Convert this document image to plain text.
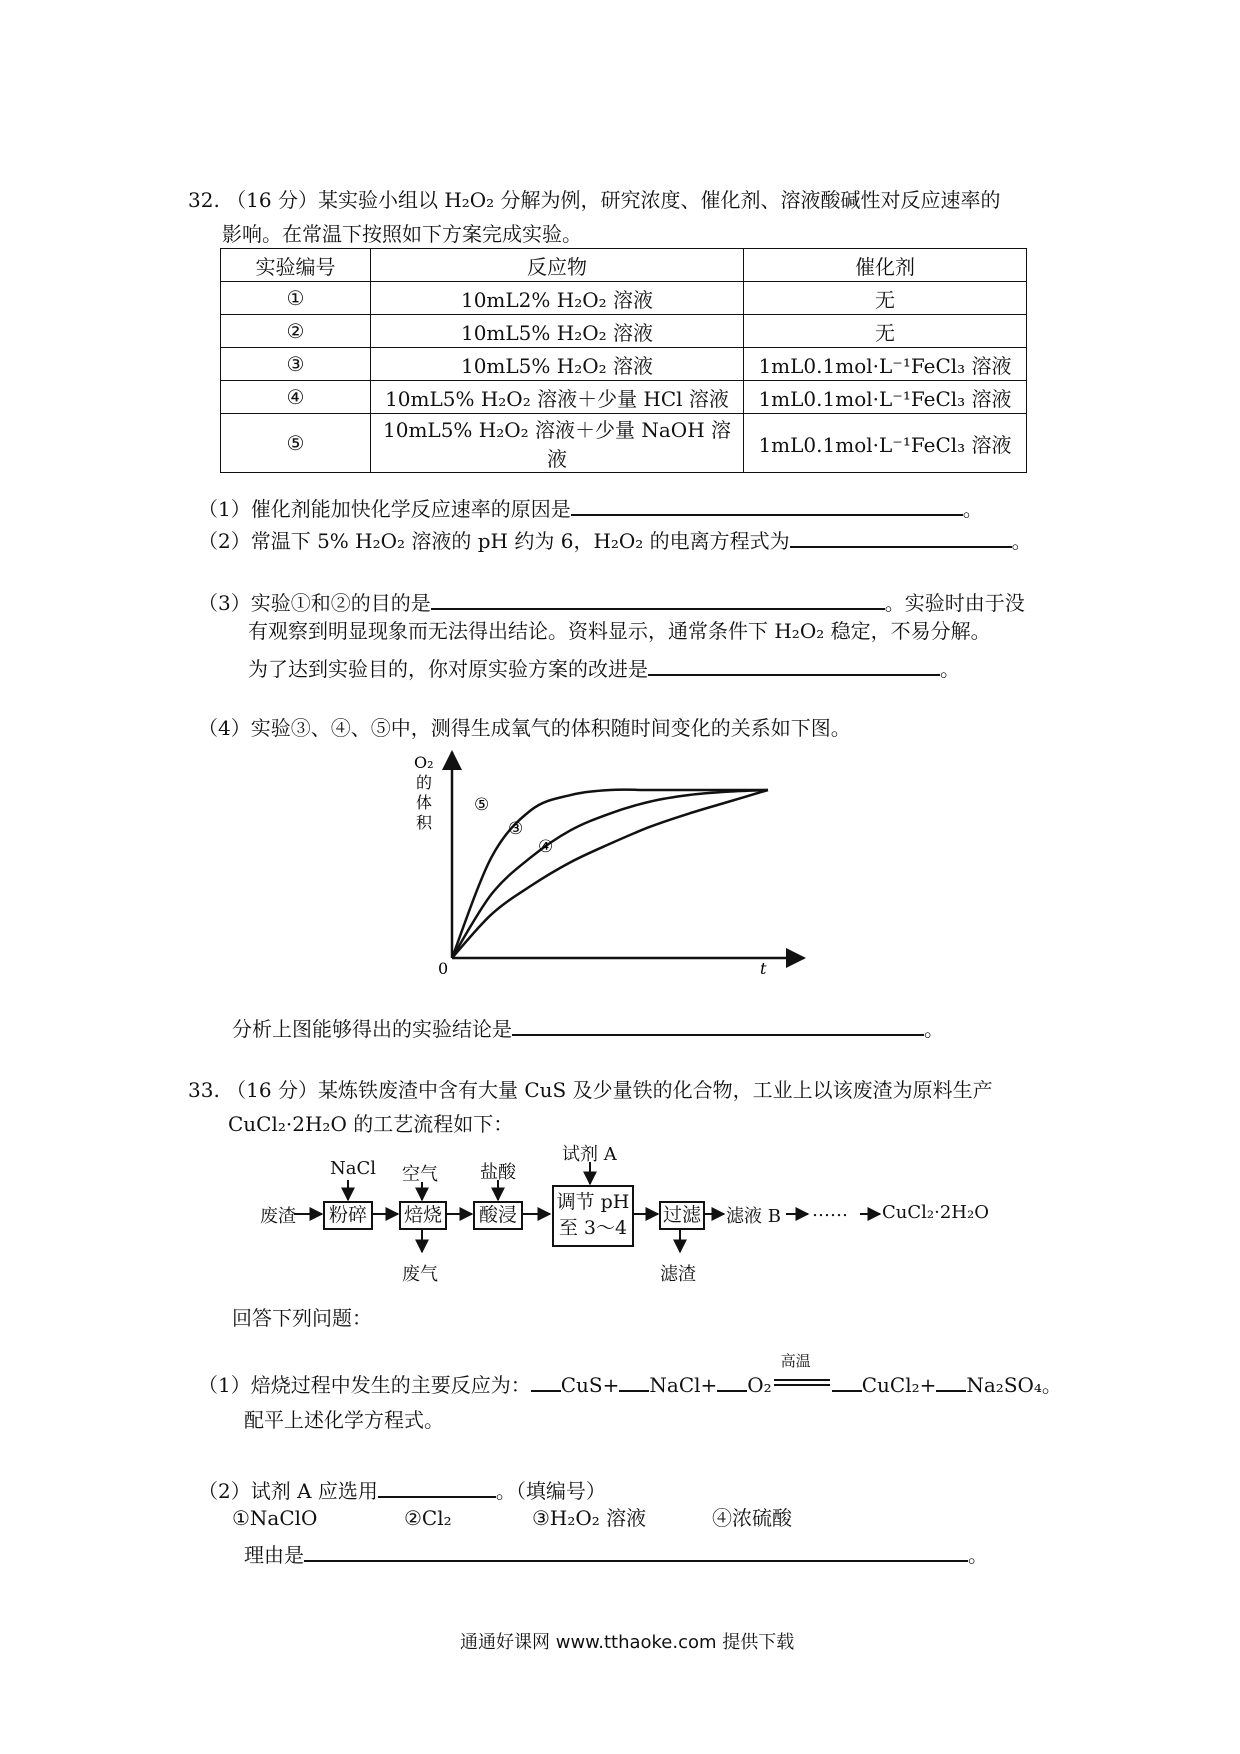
32. （16 分）某实验小组以 H₂O₂ 分解为例，研究浓度、催化剂、溶液酸碱性对反应速率的
影响。在常温下按照如下方案完成实验。
实验编号	反应物	催化剂
①	10mL2% H₂O₂ 溶液	无
②	10mL5% H₂O₂ 溶液	无
③	10mL5% H₂O₂ 溶液	1mL0.1mol·L⁻¹FeCl₃ 溶液
④	10mL5% H₂O₂ 溶液＋少量 HCl 溶液	1mL0.1mol·L⁻¹FeCl₃ 溶液
⑤	10mL5% H₂O₂ 溶液＋少量 NaOH 溶液	1mL0.1mol·L⁻¹FeCl₃ 溶液
（1）催化剂能加快化学反应速率的原因是	。
（2）常温下 5% H₂O₂ 溶液的 pH 约为 6，H₂O₂ 的电离方程式为	。
（3）实验①和②的目的是	。实验时由于没
有观察到明显现象而无法得出结论。资料显示，通常条件下 H₂O₂ 稳定，不易分解。
为了达到实验目的，你对原实验方案的改进是	。
（4）实验③、④、⑤中，测得生成氧气的体积随时间变化的关系如下图。
0	t
O₂
的
体
积
⑤
③
④
分析上图能够得出的实验结论是	。
33. （16 分）某炼铁废渣中含有大量 CuS 及少量铁的化合物，工业上以该废渣为原料生产
CuCl₂·2H₂O 的工艺流程如下：
废渣	粉碎
NaCl
焙烧
空气
废气
酸浸
盐酸
调节 pH
至 3～4
试剂 A
过滤
滤渣
滤液 B …… CuCl₂·2H₂O
回答下列问题：
（1）焙烧过程中发生的主要反应为： CuS+ NaCl+ O₂
高温
CuCl₂+ Na₂SO₄。
配平上述化学方程式。
（2）试剂 A 应选用	。（填编号）
①NaClO	②Cl₂	③H₂O₂ 溶液	④浓硫酸
理由是	。
通通好课网 www.tthaoke.com 提供下载
